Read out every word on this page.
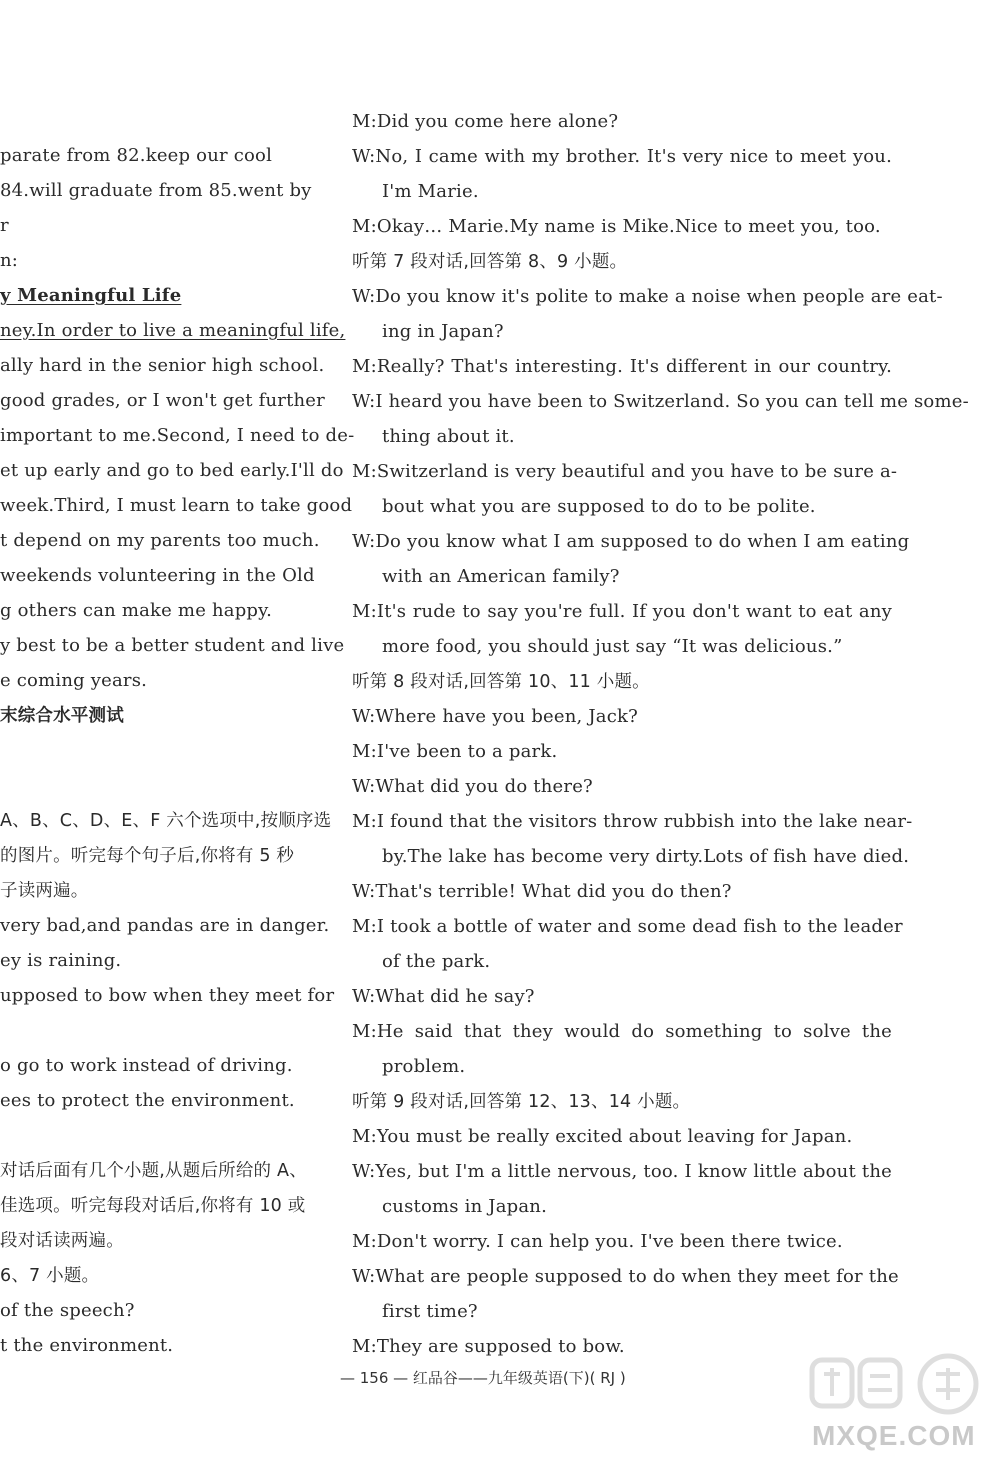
parate from 82.keep our cool
84.will graduate from 85.went by
r
n:
y Meaningful Life
ney.In order to live a meaningful life,
ally hard in the senior high school.
good grades, or I won't get further
important to me.Second, I need to de-
et up early and go to bed early.I'll do
week.Third, I must learn to take good
t depend on my parents too much.
weekends volunteering in the Old
g others can make me happy.
y best to be a better student and live
e coming years.
末综合水平测试
A、B、C、D、E、F 六个选项中,按顺序选
的图片。听完每个句子后,你将有 5 秒
子读两遍。
very bad,and pandas are in danger.
ey is raining.
upposed to bow when they meet for
o go to work instead of driving.
ees to protect the environment.
对话后面有几个小题,从题后所给的 A、
佳选项。听完每段对话后,你将有 10 或
段对话读两遍。
6、7 小题。
of the speech?
t the environment.
M:Did you come here alone?
W:No, I came with my brother. It's very nice to meet you.
I'm Marie.
M:Okay… Marie.My name is Mike.Nice to meet you, too.
听第 7 段对话,回答第 8、9 小题。
W:Do you know it's polite to make a noise when people are eat-
ing in Japan?
M:Really? That's interesting. It's different in our country.
W:I heard you have been to Switzerland. So you can tell me some-
thing about it.
M:Switzerland is very beautiful and you have to be sure a-
bout what you are supposed to do to be polite.
W:Do you know what I am supposed to do when I am eating
with an American family?
M:It's rude to say you're full. If you don't want to eat any
more food, you should just say “It was delicious.”
听第 8 段对话,回答第 10、11 小题。
W:Where have you been, Jack?
M:I've been to a park.
W:What did you do there?
M:I found that the visitors throw rubbish into the lake near-
by.The lake has become very dirty.Lots of fish have died.
W:That's terrible! What did you do then?
M:I took a bottle of water and some dead fish to the leader
of the park.
W:What did he say?
M:He said that they would do something to solve the
problem.
听第 9 段对话,回答第 12、13、14 小题。
M:You must be really excited about leaving for Japan.
W:Yes, but I'm a little nervous, too. I know little about the
customs in Japan.
M:Don't worry. I can help you. I've been there twice.
W:What are people supposed to do when they meet for the
first time?
M:They are supposed to bow.
— 156 — 红品谷——九年级英语(下)( RJ )
MXQE.COM
